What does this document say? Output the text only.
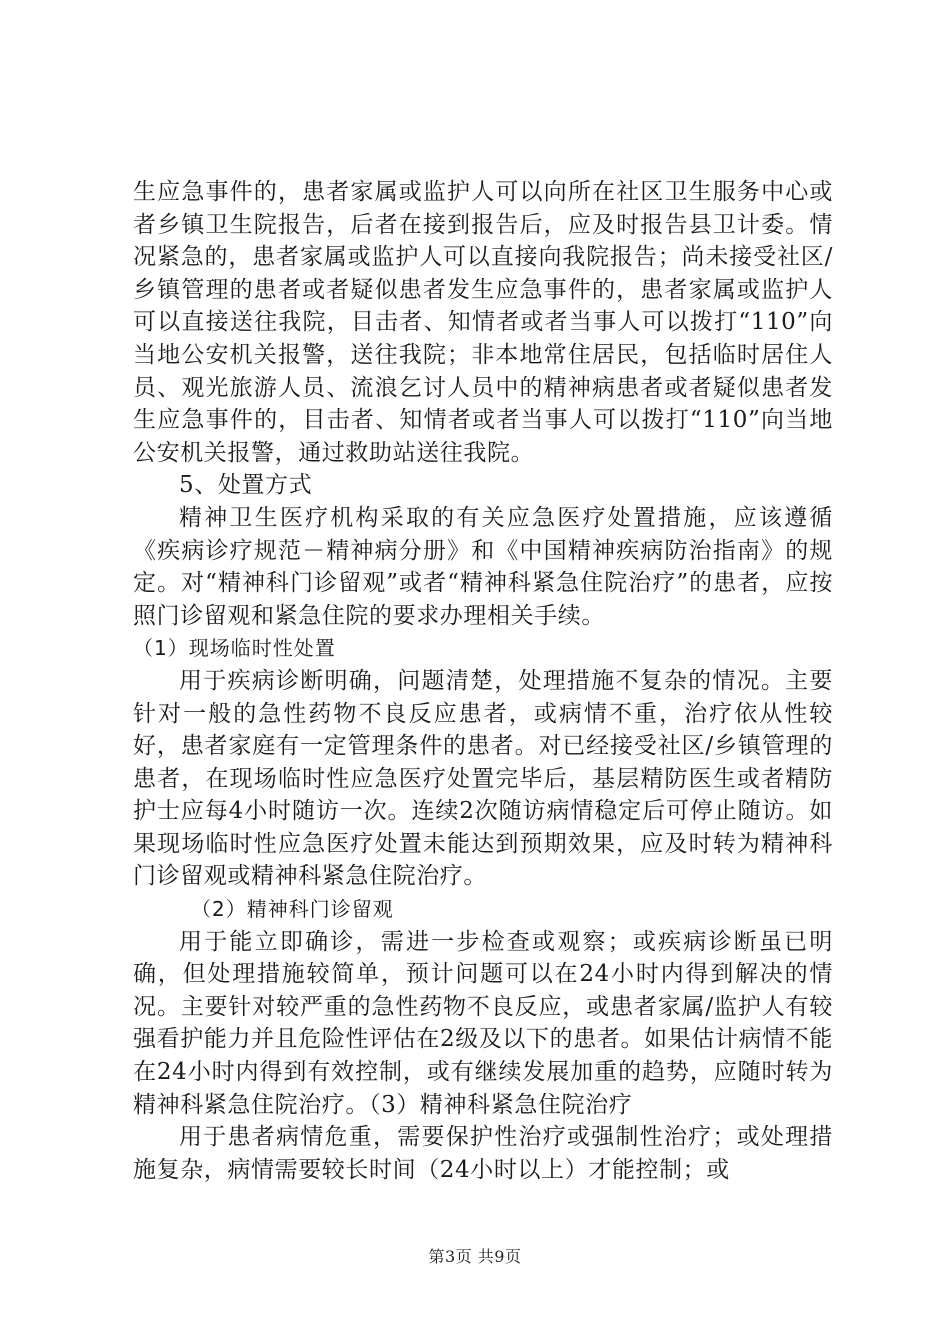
生应急事件的，患者家属或监护人可以向所在社区卫生服务中心或者乡镇卫生院报告，后者在接到报告后，应及时报告县卫计委。情况紧急的，患者家属或监护人可以直接向我院报告；尚未接受社区/乡镇管理的患者或者疑似患者发生应急事件的，患者家属或监护人可以直接送往我院，目击者、知情者或者当事人可以拨打“110”向当地公安机关报警，送往我院；非本地常住居民，包括临时居住人员、观光旅游人员、流浪乞讨人员中的精神病患者或者疑似患者发生应急事件的，目击者、知情者或者当事人可以拨打“110”向当地公安机关报警，通过救助站送往我院。

5、处置方式

精神卫生医疗机构采取的有关应急医疗处置措施，应该遵循《疾病诊疗规范－精神病分册》和《中国精神疾病防治指南》的规定。对“精神科门诊留观”或者“精神科紧急住院治疗”的患者，应按照门诊留观和紧急住院的要求办理相关手续。

（1）现场临时性处置

用于疾病诊断明确，问题清楚，处理措施不复杂的情况。主要针对一般的急性药物不良反应患者，或病情不重，治疗依从性较好，患者家庭有一定管理条件的患者。对已经接受社区/乡镇管理的患者，在现场临时性应急医疗处置完毕后，基层精防医生或者精防护士应每4小时随访一次。连续2次随访病情稳定后可停止随访。如果现场临时性应急医疗处置未能达到预期效果，应及时转为精神科门诊留观或精神科紧急住院治疗。

（2）精神科门诊留观

用于能立即确诊，需进一步检查或观察；或疾病诊断虽已明确，但处理措施较简单，预计问题可以在24小时内得到解决的情况。主要针对较严重的急性药物不良反应，或患者家属/监护人有较强看护能力并且危险性评估在2级及以下的患者。如果估计病情不能在24小时内得到有效控制，或有继续发展加重的趋势，应随时转为精神科紧急住院治疗。（3）精神科紧急住院治疗

用于患者病情危重，需要保护性治疗或强制性治疗；或处理措施复杂，病情需要较长时间（24小时以上）才能控制；或

第3页 共9页
